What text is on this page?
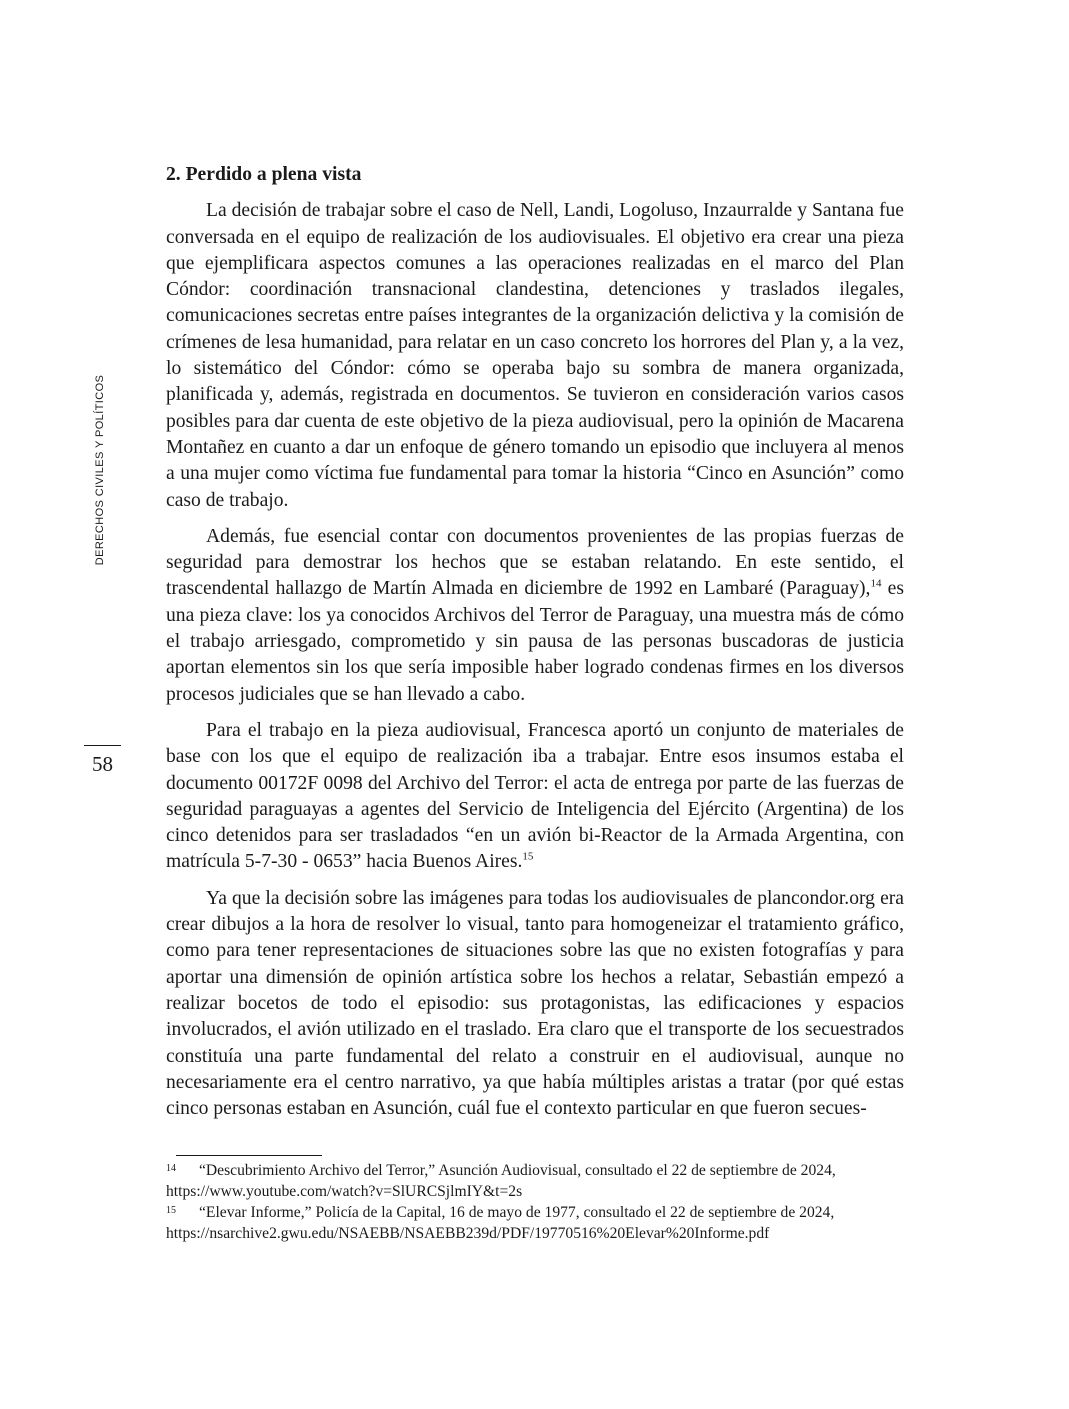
DERECHOS CIVILES Y POLÍTICOS
58
2. Perdido a plena vista

La decisión de trabajar sobre el caso de Nell, Landi, Logoluso, Inzaurralde y Santana fue conversada en el equipo de realización de los audiovisuales. El objetivo era crear una pieza que ejemplificara aspectos comunes a las operaciones realizadas en el marco del Plan Cóndor: coordinación transnacional clandestina, detenciones y traslados ilegales, comunicaciones secretas entre países integrantes de la organización delictiva y la comisión de crímenes de lesa humanidad, para relatar en un caso concreto los horrores del Plan y, a la vez, lo sistemático del Cóndor: cómo se operaba bajo su sombra de manera organizada, planificada y, además, registrada en documentos. Se tuvieron en consideración varios casos posibles para dar cuenta de este objetivo de la pieza audiovisual, pero la opinión de Macarena Montañez en cuanto a dar un enfoque de género tomando un episodio que incluyera al menos a una mujer como víctima fue fundamental para tomar la historia “Cinco en Asunción” como caso de trabajo.

Además, fue esencial contar con documentos provenientes de las propias fuerzas de seguridad para demostrar los hechos que se estaban relatando. En este sentido, el trascendental hallazgo de Martín Almada en diciembre de 1992 en Lambaré (Paraguay),$^{14}$ es una pieza clave: los ya conocidos Archivos del Terror de Paraguay, una muestra más de cómo el trabajo arriesgado, comprometido y sin pausa de las personas buscadoras de justicia aportan elementos sin los que sería imposible haber logrado condenas firmes en los diversos procesos judiciales que se han llevado a cabo.

Para el trabajo en la pieza audiovisual, Francesca aportó un conjunto de materiales de base con los que el equipo de realización iba a trabajar. Entre esos insumos estaba el documento 00172F 0098 del Archivo del Terror: el acta de entrega por parte de las fuerzas de seguridad paraguayas a agentes del Servicio de Inteligencia del Ejército (Argentina) de los cinco detenidos para ser trasladados “en un avión bi-Reactor de la Armada Argentina, con matrícula 5-7-30 - 0653” hacia Buenos Aires.$^{15}$

Ya que la decisión sobre las imágenes para todas los audiovisuales de plancondor.org era crear dibujos a la hora de resolver lo visual, tanto para homogeneizar el tratamiento gráfico, como para tener representaciones de situaciones sobre las que no existen fotografías y para aportar una dimensión de opinión artística sobre los hechos a relatar, Sebastián empezó a realizar bocetos de todo el episodio: sus protagonistas, las edificaciones y espacios involucrados, el avión utilizado en el traslado. Era claro que el transporte de los secuestrados constituía una parte fundamental del relato a construir en el audiovisual, aunque no necesariamente era el centro narrativo, ya que había múltiples aristas a tratar (por qué estas cinco personas estaban en Asunción, cuál fue el contexto particular en que fueron secues-

14 “Descubrimiento Archivo del Terror,” Asunción Audiovisual, consultado el 22 de septiembre de 2024,
https://www.youtube.com/watch?v=SlURCSjlmIY&t=2s

15 “Elevar Informe,” Policía de la Capital, 16 de mayo de 1977, consultado el 22 de septiembre de 2024,
https://nsarchive2.gwu.edu/NSAEBB/NSAEBB239d/PDF/19770516%20Elevar%20Informe.pdf
